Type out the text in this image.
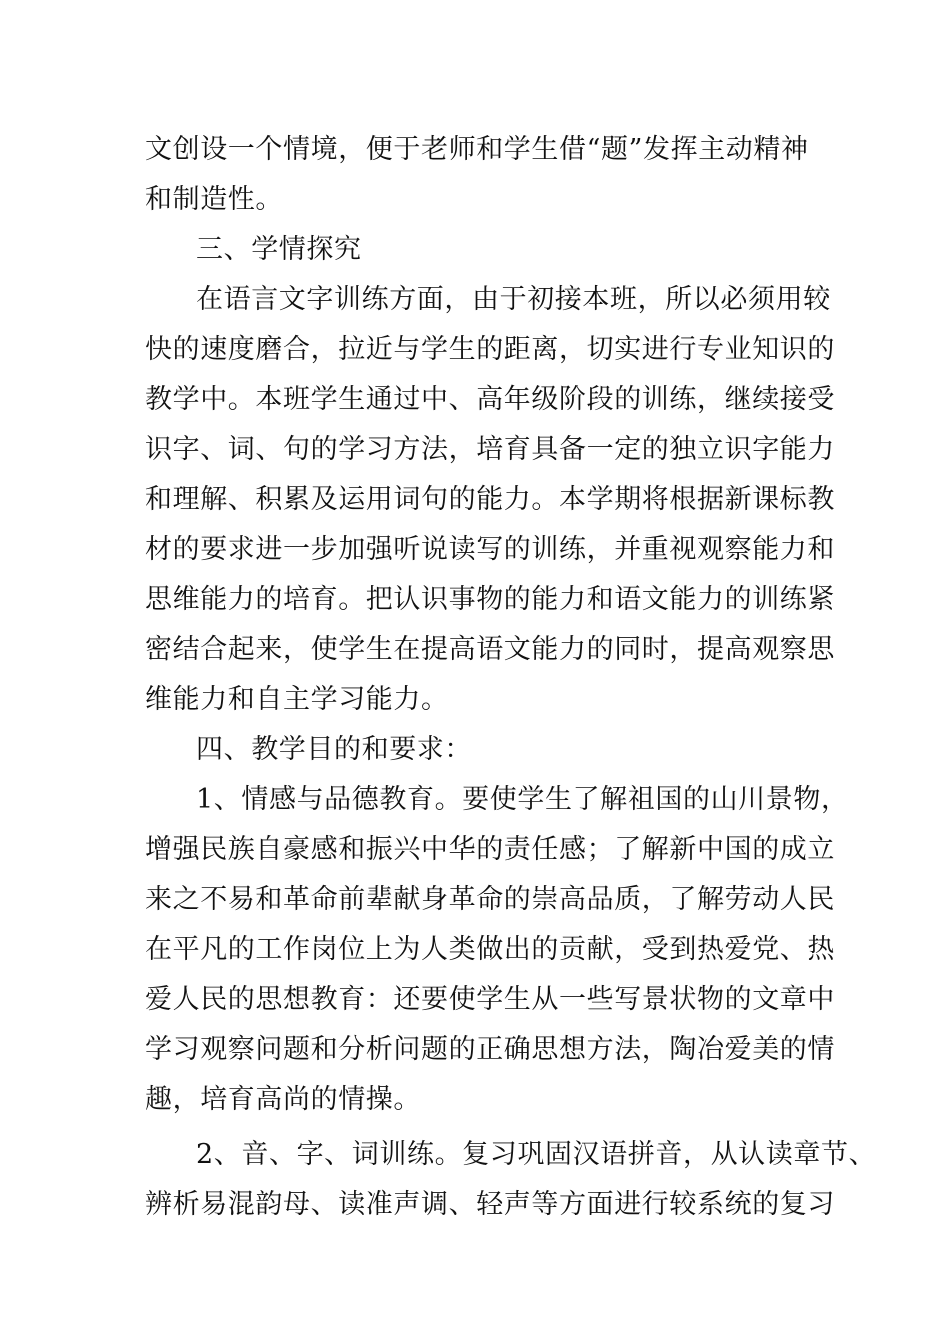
文创设一个情境，便于老师和学生借“题”发挥主动精神
和制造性。
三、学情探究
在语言文字训练方面，由于初接本班，所以必须用较
快的速度磨合，拉近与学生的距离，切实进行专业知识的
教学中。本班学生通过中、高年级阶段的训练，继续接受
识字、词、句的学习方法，培育具备一定的独立识字能力
和理解、积累及运用词句的能力。本学期将根据新课标教
材的要求进一步加强听说读写的训练，并重视观察能力和
思维能力的培育。把认识事物的能力和语文能力的训练紧
密结合起来，使学生在提高语文能力的同时，提高观察思
维能力和自主学习能力。
四、教学目的和要求：
1、情感与品德教育。要使学生了解祖国的山川景物，
增强民族自豪感和振兴中华的责任感；了解新中国的成立
来之不易和革命前辈献身革命的崇高品质，了解劳动人民
在平凡的工作岗位上为人类做出的贡献，受到热爱党、热
爱人民的思想教育：还要使学生从一些写景状物的文章中
学习观察问题和分析问题的正确思想方法，陶冶爱美的情
趣，培育高尚的情操。
2、音、字、词训练。复习巩固汉语拼音，从认读章节、
辨析易混韵母、读准声调、轻声等方面进行较系统的复习
